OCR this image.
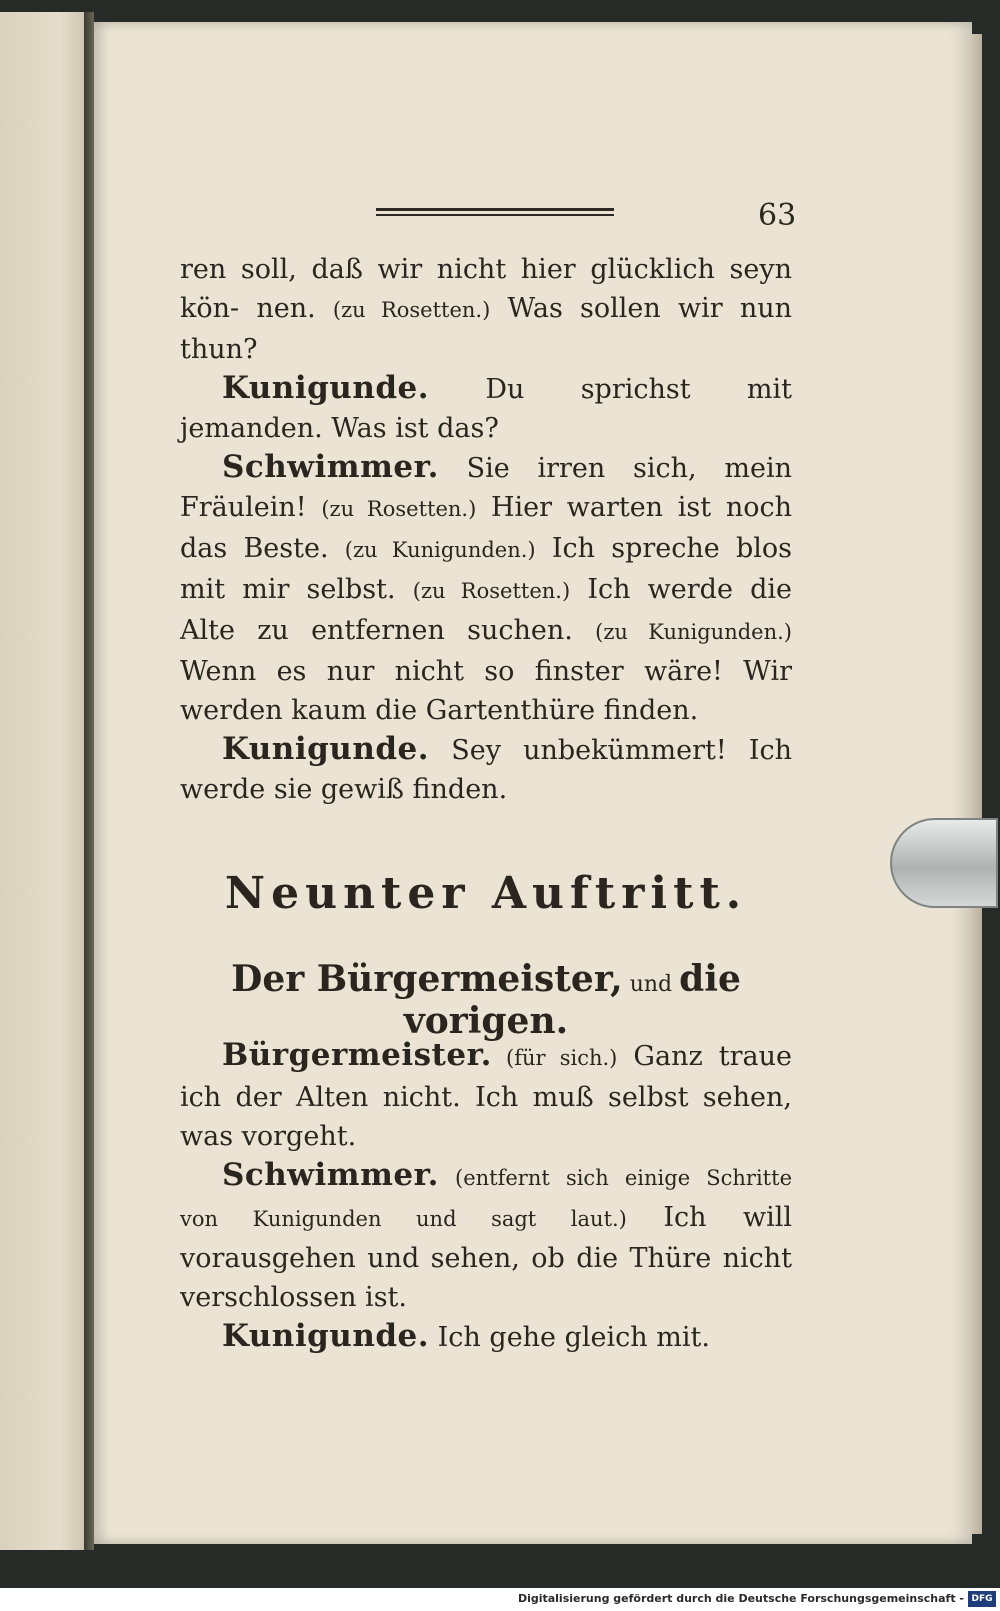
63

ren soll, daß wir nicht hier glücklich seyn kön- nen. (zu Rosetten.) Was sollen wir nun thun?

Kunigunde. Du sprichst mit jemanden. Was ist das?

Schwimmer. Sie irren sich, mein Fräulein! (zu Rosetten.) Hier warten ist noch das Beste. (zu Kunigunden.) Ich spreche blos mit mir selbst. (zu Rosetten.) Ich werde die Alte zu entfernen suchen. (zu Kunigunden.) Wenn es nur nicht so finster wäre! Wir werden kaum die Gartenthüre finden.

Kunigunde. Sey unbekümmert! Ich werde sie gewiß finden.

Neunter Auftritt.
Der Bürgermeister, und die vorigen.

Bürgermeister. (für sich.) Ganz traue ich der Alten nicht. Ich muß selbst sehen, was vorgeht.

Schwimmer. (entfernt sich einige Schritte von Kunigunden und sagt laut.) Ich will vorausgehen und sehen, ob die Thüre nicht verschlossen ist.

Kunigunde. Ich gehe gleich mit.

Digitalisierung gefördert durch die Deutsche Forschungsgemeinschaft - DFG
